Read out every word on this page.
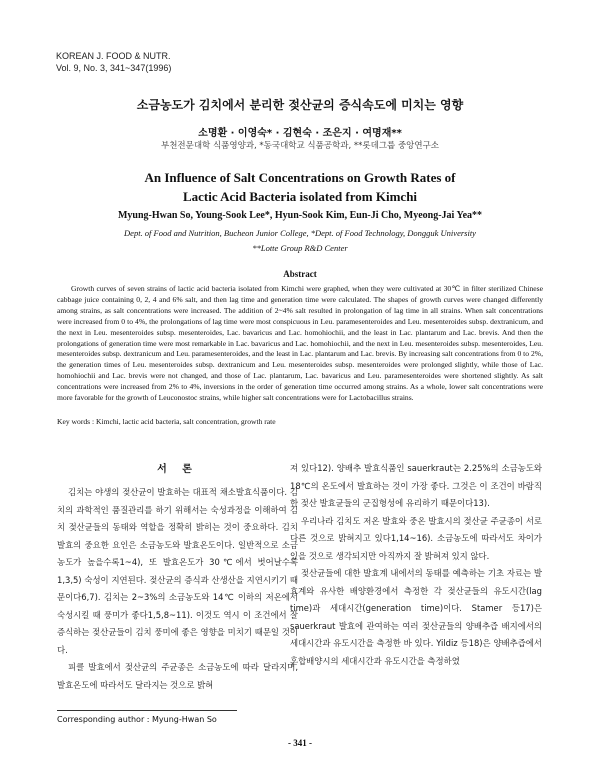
KOREAN J. FOOD & NUTR.
Vol. 9, No. 3, 341~347(1996)
소금농도가 김치에서 분리한 젖산균의 증식속도에 미치는 영향
소명환 · 이영숙* · 김현숙 · 조은지 · 여명재**
부천전문대학 식품영양과, *동국대학교 식품공학과, **롯데그룹 중앙연구소
An Influence of Salt Concentrations on Growth Rates of
Lactic Acid Bacteria isolated from Kimchi
Myung-Hwan So, Young-Sook Lee*, Hyun-Sook Kim, Eun-Ji Cho, Myeong-Jai Yea**
Dept. of Food and Nutrition, Bucheon Junior College, *Dept. of Food Technology, Dongguk University
**Lotte Group R&D Center
Abstract

Growth curves of seven strains of lactic acid bacteria isolated from Kimchi were graphed, when they were cultivated at 30℃ in filter sterilized Chinese cabbage juice containing 0, 2, 4 and 6% salt, and then lag time and generation time were calculated. The shapes of growth curves were changed differently among strains, as salt concentrations were increased. The addition of 2~4% salt resulted in prolongation of lag time in all strains. When salt concentrations were increased from 0 to 4%, the prolongations of lag time were most conspicuous in Leu. paramesenteroides and Leu. mesenteroides subsp. dextranicum, and the next in Leu. mesenteroides subsp. mesenteroides, Lac. bavaricus and Lac. homohiochii, and the least in Lac. plantarum and Lac. brevis. And then the prolongations of generation time were most remarkable in Lac. bavaricus and Lac. homohiochii, and the next in Leu. mesenteroides subsp. mesenteroides, Leu. mesenteroides subsp. dextranicum and Leu. paramesenteroides, and the least in Lac. plantarum and Lac. brevis. By increasing salt concentrations from 0 to 2%, the generation times of Leu. mesenteroides subsp. dextranicum and Leu. mesenteroides subsp. mesenteroides were prolonged slightly, while those of Lac. homohiochii and Lac. brevis were not changed, and those of Lac. plantarum, Lac. bavaricus and Leu. paramesenteroides were shortened slightly. As salt concentrations were increased from 2% to 4%, inversions in the order of generation time occurred among strains. As a whole, lower salt concentrations were more favorable for the growth of Leuconostoc strains, while higher salt concentrations were for Lactobacillus strains.

Key words : Kimchi, lactic acid bacteria, salt concentration, growth rate
서 론

김치는 야생의 젖산균이 발효하는 대표적 채소발효식품이다. 김치의 과학적인 품질관리를 하기 위해서는 숙성과정을 이해하여 김치 젖산균들의 동태와 역할을 정확히 밝히는 것이 중요하다. 김치 발효의 중요한 요인은 소금농도와 발효온도이다. 일반적으로 소금농도가 높을수록1~4), 또 발효온도가 30℃에서 벗어날수록1,3,5) 숙성이 지연된다. 젖산균의 증식과 산생산을 지연시키기 때문이다6,7). 김치는 2~3%의 소금농도와 14℃ 이하의 저온에서 숙성시킬 때 풍미가 좋다1,5,8~11). 이것도 역시 이 조건에서 잘 증식하는 젖산균들이 김치 풍미에 좋은 영향을 미치기 때문일 것이다.

피클 발효에서 젖산균의 주균종은 소금농도에 따라 달라지며, 발효온도에 따라서도 달라지는 것으로 밝혀

져 있다12). 양배추 발효식품인 sauerkraut는 2.25%의 소금농도와 18℃의 온도에서 발효하는 것이 가장 좋다. 그것은 이 조건이 바람직한 젖산 발효균들의 군집형성에 유리하기 때문이다13).

우리나라 김치도 저온 발효와 중온 발효시의 젖산균 주균종이 서로 다른 것으로 밝혀지고 있다1,14~16). 소금농도에 따라서도 차이가 있을 것으로 생각되지만 아직까지 잘 밝혀져 있지 않다.

젖산균들에 대한 발효계 내에서의 동태를 예측하는 기초 자료는 발효계와 유사한 배양환경에서 측정한 각 젖산균들의 유도시간(lag time)과 세대시간(generation time)이다. Stamer 등17)은 sauerkraut 발효에 관여하는 여러 젖산균들의 양배추즙 배지에서의 세대시간과 유도시간을 측정한 바 있다. Yildiz 등18)은 양배추즙에서 혼합배양시의 세대시간과 유도시간을 측정하였

Corresponding author : Myung-Hwan So
- 341 -
